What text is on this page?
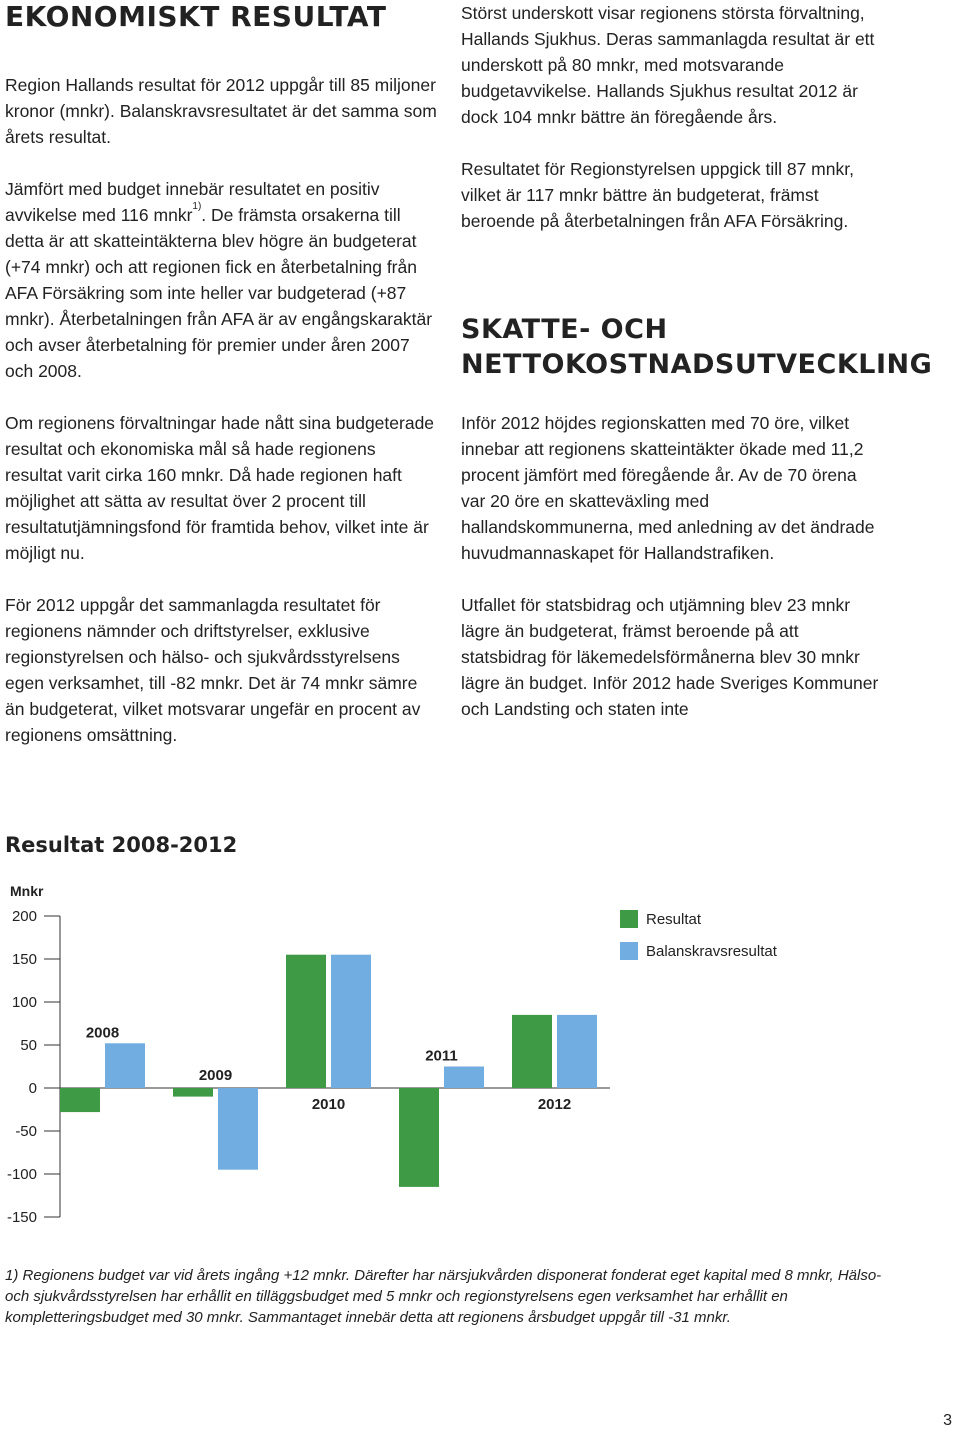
EKONOMISKT RESULTAT

Region Hallands resultat för 2012 uppgår till 85 miljoner kronor (mnkr). Balanskravsresultatet är det samma som årets resultat.

Jämfört med budget innebär resultatet en positiv avvikelse med 116 mnkr$^{1)}$. De främsta orsakerna till detta är att skatteintäkterna blev högre än budgeterat (+74 mnkr) och att regionen fick en återbetalning från AFA Försäkring som inte heller var budgeterad (+87 mnkr). Återbetalningen från AFA är av engångskaraktär och avser återbetalning för premier under åren 2007 och 2008.

Om regionens förvaltningar hade nått sina budgeterade resultat och ekonomiska mål så hade regionens resultat varit cirka 160 mnkr. Då hade regionen haft möjlighet att sätta av resultat över 2 procent till resultatutjämningsfond för framtida behov, vilket inte är möjligt nu.

För 2012 uppgår det sammanlagda resultatet för regionens nämnder och driftstyrelser, exklusive regionstyrelsen och hälso- och sjukvårdsstyrelsens egen verksamhet, till -82 mnkr. Det är 74 mnkr sämre än budgeterat, vilket motsvarar ungefär en procent av regionens omsättning.

Störst underskott visar regionens största förvaltning, Hallands Sjukhus. Deras sammanlagda resultat är ett underskott på 80 mnkr, med motsvarande budgetavvikelse. Hallands Sjukhus resultat 2012 är dock 104 mnkr bättre än föregående års.

Resultatet för Regionstyrelsen uppgick till 87 mnkr, vilket är 117 mnkr bättre än budgeterat, främst beroende på återbetalningen från AFA Försäkring.

SKATTE- OCH NETTOKOSTNADSUTVECKLING

Inför 2012 höjdes regionskatten med 70 öre, vilket innebar att regionens skatteintäkter ökade med 11,2 procent jämfört med föregående år. Av de 70 örena var 20 öre en skatteväxling med hallandskommunerna, med anledning av det ändrade huvudmannaskapet för Hallandstrafiken.

Utfallet för statsbidrag och utjämning blev 23 mnkr lägre än budgeterat, främst beroende på att statsbidrag för läkemedelsförmånerna blev 30 mnkr lägre än budget. Inför 2012 hade Sveriges Kommuner och Landsting och staten inte

Resultat 2008-2012
Mnkr
200
150
100
50
0
-50
-100
-150
2008
2009
2010
2011
2012
Resultat
Balanskravsresultat

1) Regionens budget var vid årets ingång +12 mnkr. Därefter har närsjukvården disponerat fonderat eget kapital med 8 mnkr, Hälso- och sjukvårdsstyrelsen har erhållit en tilläggsbudget med 5 mnkr och regionstyrelsens egen verksamhet har erhållit en kompletteringsbudget med 30 mnkr. Sammantaget innebär detta att regionens årsbudget uppgår till -31 mnkr.

3
